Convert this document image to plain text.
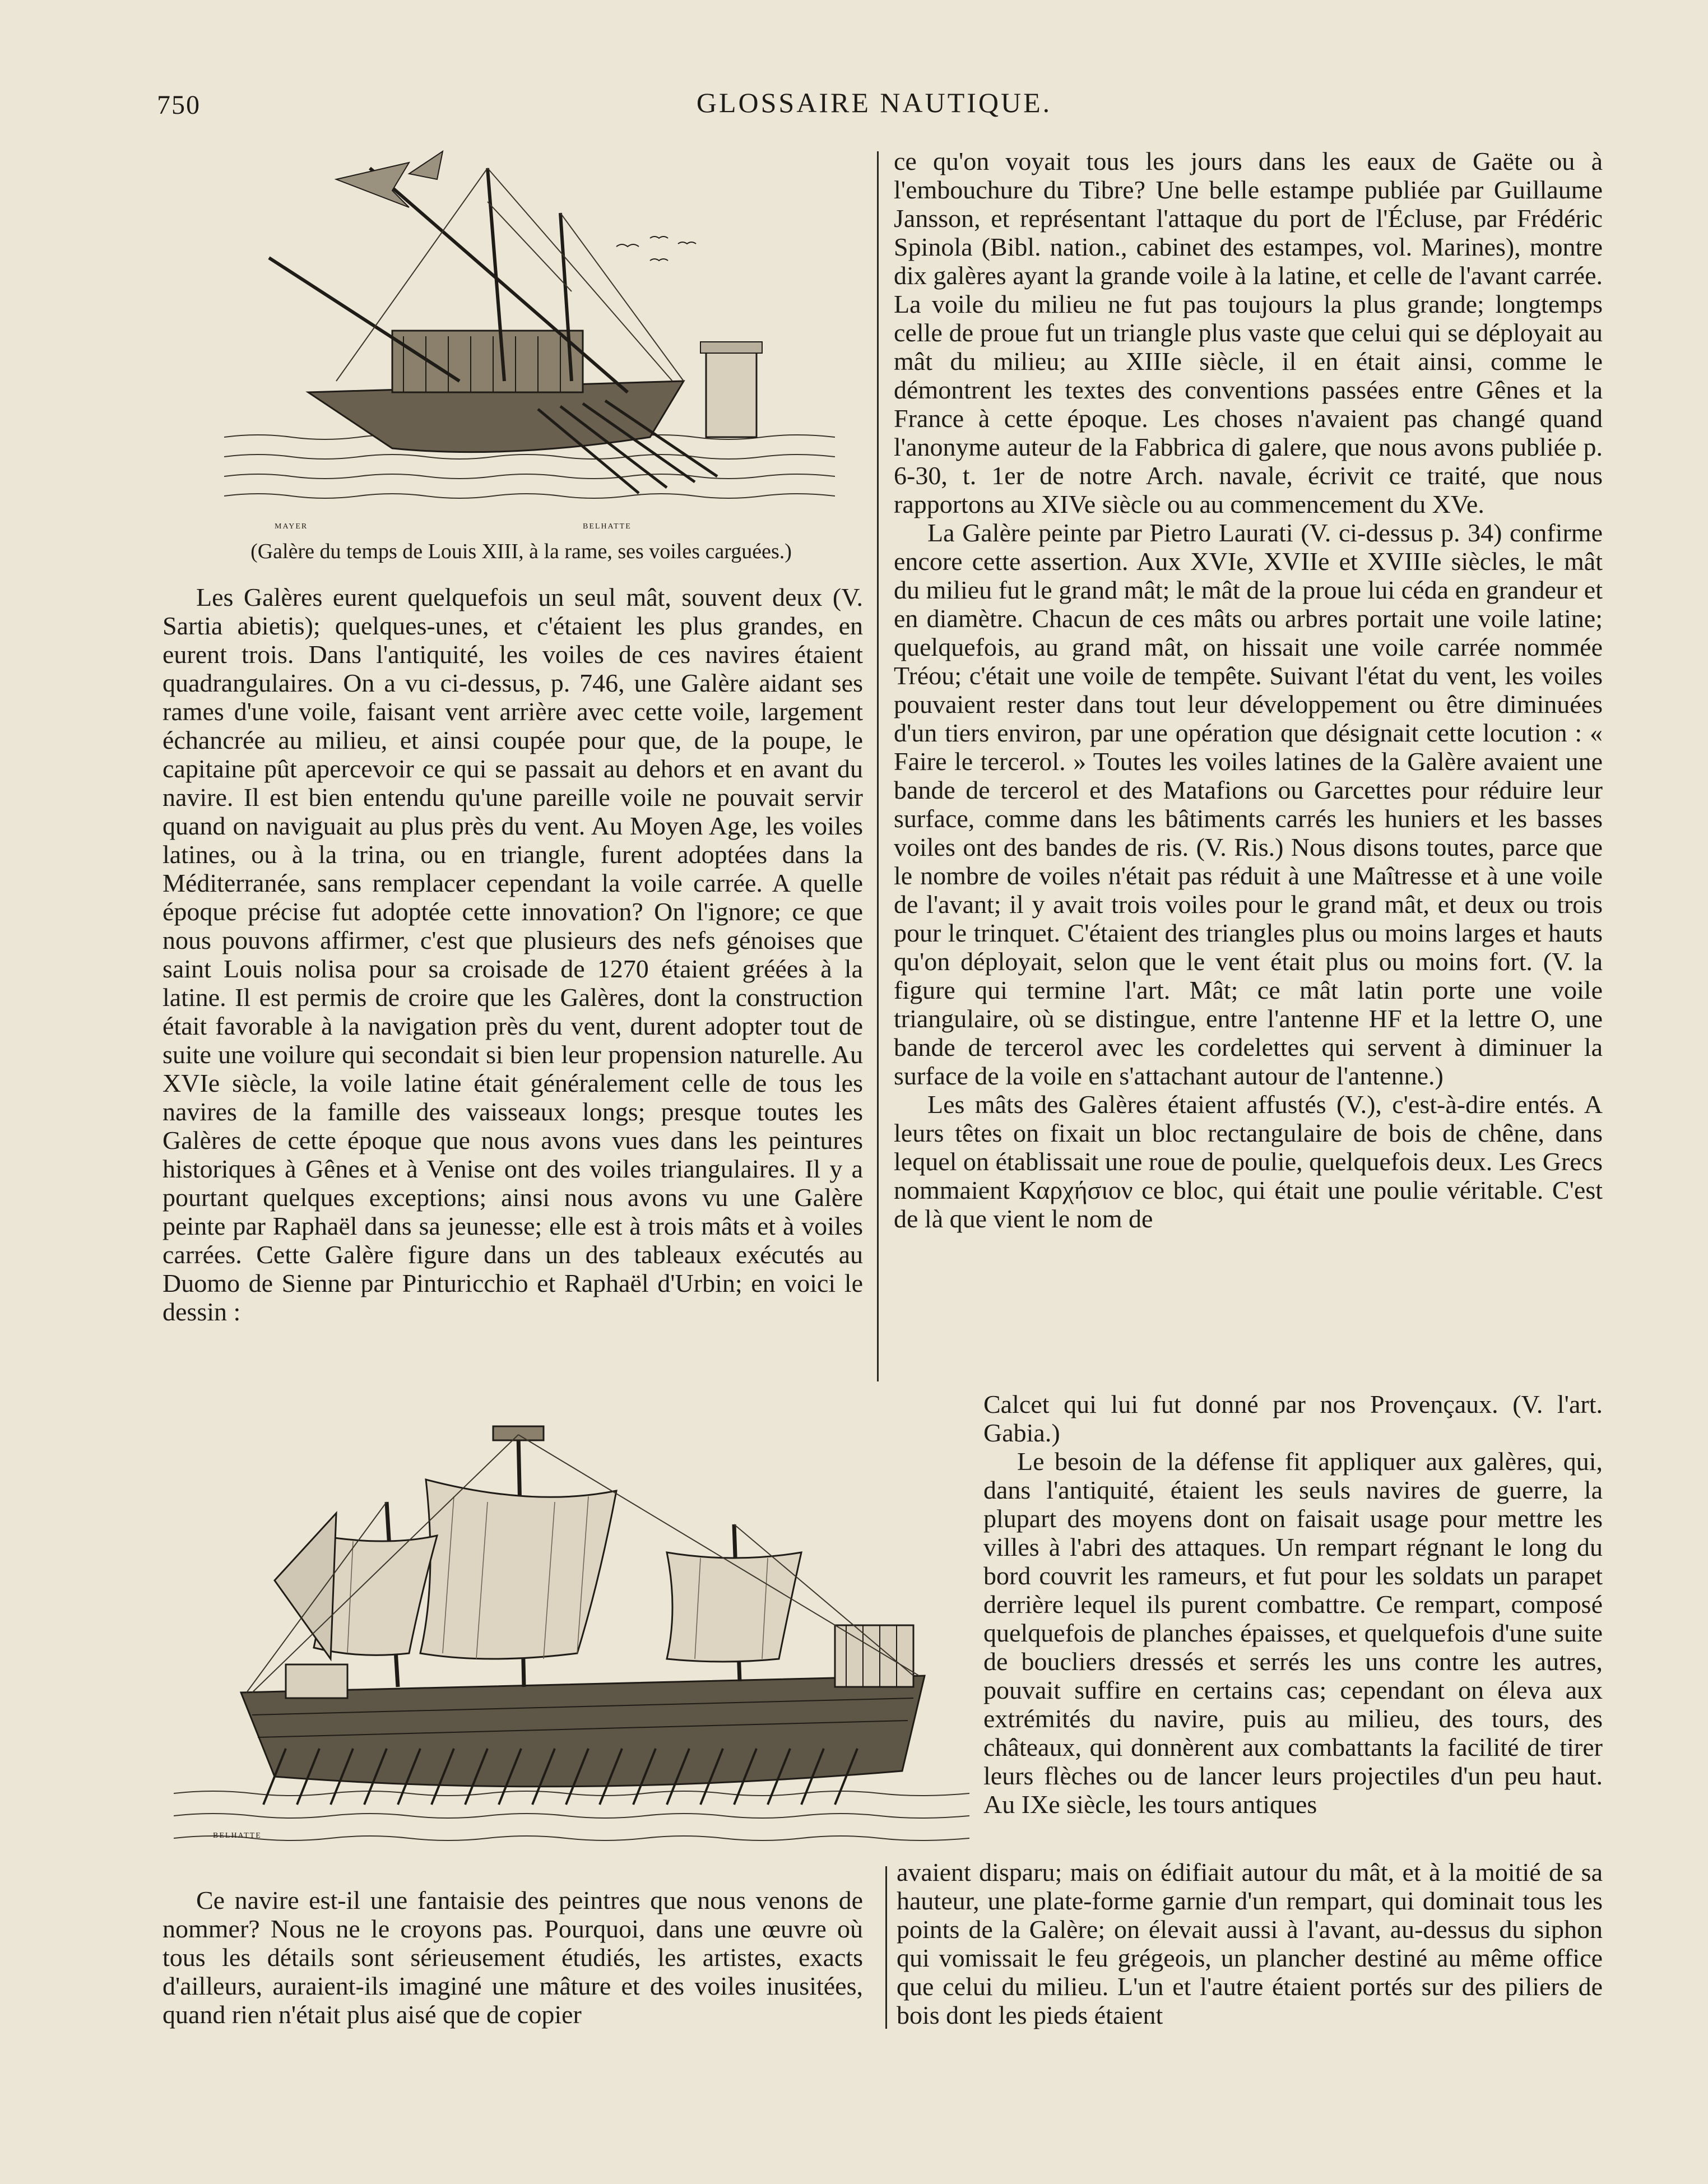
750	GLOSSAIRE NAUTIQUE.
MAYER	BELHATTE
(Galère du temps de Louis XIII, à la rame, ses voiles carguées.)

Les Galères eurent quelquefois un seul mât, souvent deux (V. Sartia abietis); quelques-unes, et c'étaient les plus grandes, en eurent trois. Dans l'antiquité, les voiles de ces navires étaient quadrangulaires. On a vu ci-dessus, p. 746, une Galère aidant ses rames d'une voile, faisant vent arrière avec cette voile, largement échancrée au milieu, et ainsi coupée pour que, de la poupe, le capitaine pût apercevoir ce qui se passait au dehors et en avant du navire. Il est bien entendu qu'une pareille voile ne pouvait servir quand on naviguait au plus près du vent. Au Moyen Age, les voiles latines, ou à la trina, ou en triangle, furent adoptées dans la Méditerranée, sans remplacer cependant la voile carrée. A quelle époque précise fut adoptée cette innovation? On l'ignore; ce que nous pouvons affirmer, c'est que plusieurs des nefs génoises que saint Louis nolisa pour sa croisade de 1270 étaient gréées à la latine. Il est permis de croire que les Galères, dont la construction était favorable à la navigation près du vent, durent adopter tout de suite une voilure qui secondait si bien leur propension naturelle. Au XVIe siècle, la voile latine était généralement celle de tous les navires de la famille des vaisseaux longs; presque toutes les Galères de cette époque que nous avons vues dans les peintures historiques à Gênes et à Venise ont des voiles triangulaires. Il y a pourtant quelques exceptions; ainsi nous avons vu une Galère peinte par Raphaël dans sa jeunesse; elle est à trois mâts et à voiles carrées. Cette Galère figure dans un des tableaux exécutés au Duomo de Sienne par Pinturicchio et Raphaël d'Urbin; en voici le dessin :

ce qu'on voyait tous les jours dans les eaux de Gaëte ou à l'embouchure du Tibre? Une belle estampe publiée par Guillaume Jansson, et représentant l'attaque du port de l'Écluse, par Frédéric Spinola (Bibl. nation., cabinet des estampes, vol. Marines), montre dix galères ayant la grande voile à la latine, et celle de l'avant carrée. La voile du milieu ne fut pas toujours la plus grande; longtemps celle de proue fut un triangle plus vaste que celui qui se déployait au mât du milieu; au XIIIe siècle, il en était ainsi, comme le démontrent les textes des conventions passées entre Gênes et la France à cette époque. Les choses n'avaient pas changé quand l'anonyme auteur de la Fabbrica di galere, que nous avons publiée p. 6-30, t. 1er de notre Arch. navale, écrivit ce traité, que nous rapportons au XIVe siècle ou au commencement du XVe.

La Galère peinte par Pietro Laurati (V. ci-dessus p. 34) confirme encore cette assertion. Aux XVIe, XVIIe et XVIIIe siècles, le mât du milieu fut le grand mât; le mât de la proue lui céda en grandeur et en diamètre. Chacun de ces mâts ou arbres portait une voile latine; quelquefois, au grand mât, on hissait une voile carrée nommée Tréou; c'était une voile de tempête. Suivant l'état du vent, les voiles pouvaient rester dans tout leur développement ou être diminuées d'un tiers environ, par une opération que désignait cette locution : « Faire le tercerol. » Toutes les voiles latines de la Galère avaient une bande de tercerol et des Matafions ou Garcettes pour réduire leur surface, comme dans les bâtiments carrés les huniers et les basses voiles ont des bandes de ris. (V. Ris.) Nous disons toutes, parce que le nombre de voiles n'était pas réduit à une Maîtresse et à une voile de l'avant; il y avait trois voiles pour le grand mât, et deux ou trois pour le trinquet. C'étaient des triangles plus ou moins larges et hauts qu'on déployait, selon que le vent était plus ou moins fort. (V. la figure qui termine l'art. Mât; ce mât latin porte une voile triangulaire, où se distingue, entre l'antenne HF et la lettre O, une bande de tercerol avec les cordelettes qui servent à diminuer la surface de la voile en s'attachant autour de l'antenne.)

Les mâts des Galères étaient affustés (V.), c'est-à-dire entés. A leurs têtes on fixait un bloc rectangulaire de bois de chêne, dans lequel on établissait une roue de poulie, quelquefois deux. Les Grecs nommaient Καρχήσιον ce bloc, qui était une poulie véritable. C'est de là que vient le nom de

Calcet qui lui fut donné par nos Provençaux. (V. l'art. Gabia.)

Le besoin de la défense fit appliquer aux galères, qui, dans l'antiquité, étaient les seuls navires de guerre, la plupart des moyens dont on faisait usage pour mettre les villes à l'abri des attaques. Un rempart régnant le long du bord couvrit les rameurs, et fut pour les soldats un parapet derrière lequel ils purent combattre. Ce rempart, composé quelquefois de planches épaisses, et quelquefois d'une suite de boucliers dressés et serrés les uns contre les autres, pouvait suffire en certains cas; cependant on éleva aux extrémités du navire, puis au milieu, des tours, des châteaux, qui donnèrent aux combattants la facilité de tirer leurs flèches ou de lancer leurs projectiles d'un peu haut. Au IXe siècle, les tours antiques

BELHATTE

Ce navire est-il une fantaisie des peintres que nous venons de nommer? Nous ne le croyons pas. Pourquoi, dans une œuvre où tous les détails sont sérieusement étudiés, les artistes, exacts d'ailleurs, auraient-ils imaginé une mâture et des voiles inusitées, quand rien n'était plus aisé que de copier

avaient disparu; mais on édifiait autour du mât, et à la moitié de sa hauteur, une plate-forme garnie d'un rempart, qui dominait tous les points de la Galère; on élevait aussi à l'avant, au-dessus du siphon qui vomissait le feu grégeois, un plancher destiné au même office que celui du milieu. L'un et l'autre étaient portés sur des piliers de bois dont les pieds étaient
